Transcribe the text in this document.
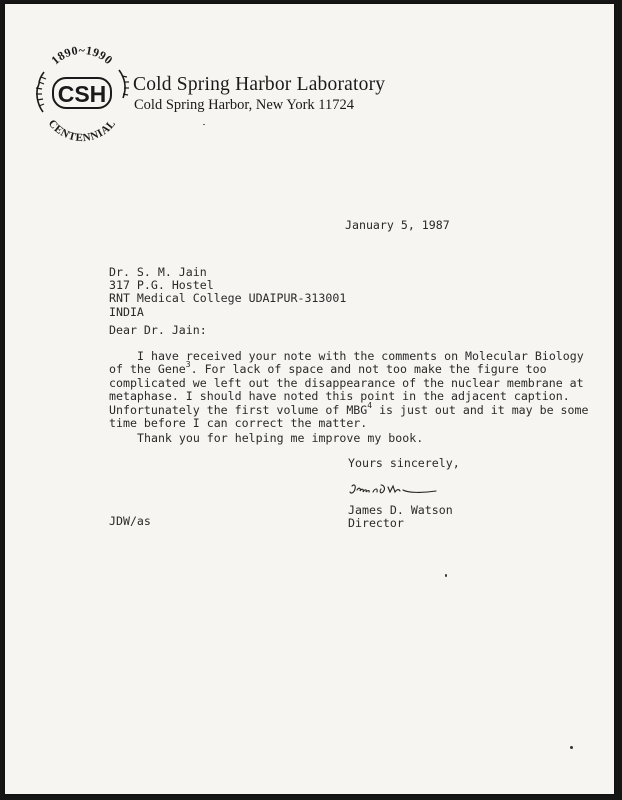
1890~1990
CSH
CENTENNIAL
Cold Spring Harbor Laboratory
Cold Spring Harbor, New York 11724
January 5, 1987
Dr. S. M. Jain
317 P.G. Hostel
RNT Medical College UDAIPUR-313001
INDIA
Dear Dr. Jain:
I have received your note with the comments on Molecular Biology
of the Gene$^3$. For lack of space and not too make the figure too
complicated we left out the disappearance of the nuclear membrane at
metaphase. I should have noted this point in the adjacent caption.
Unfortunately the first volume of MBG$^4$ is just out and it may be some
time before I can correct the matter.
Thank you for helping me improve my book.
Yours sincerely,
James D. Watson
Director
JDW/as
